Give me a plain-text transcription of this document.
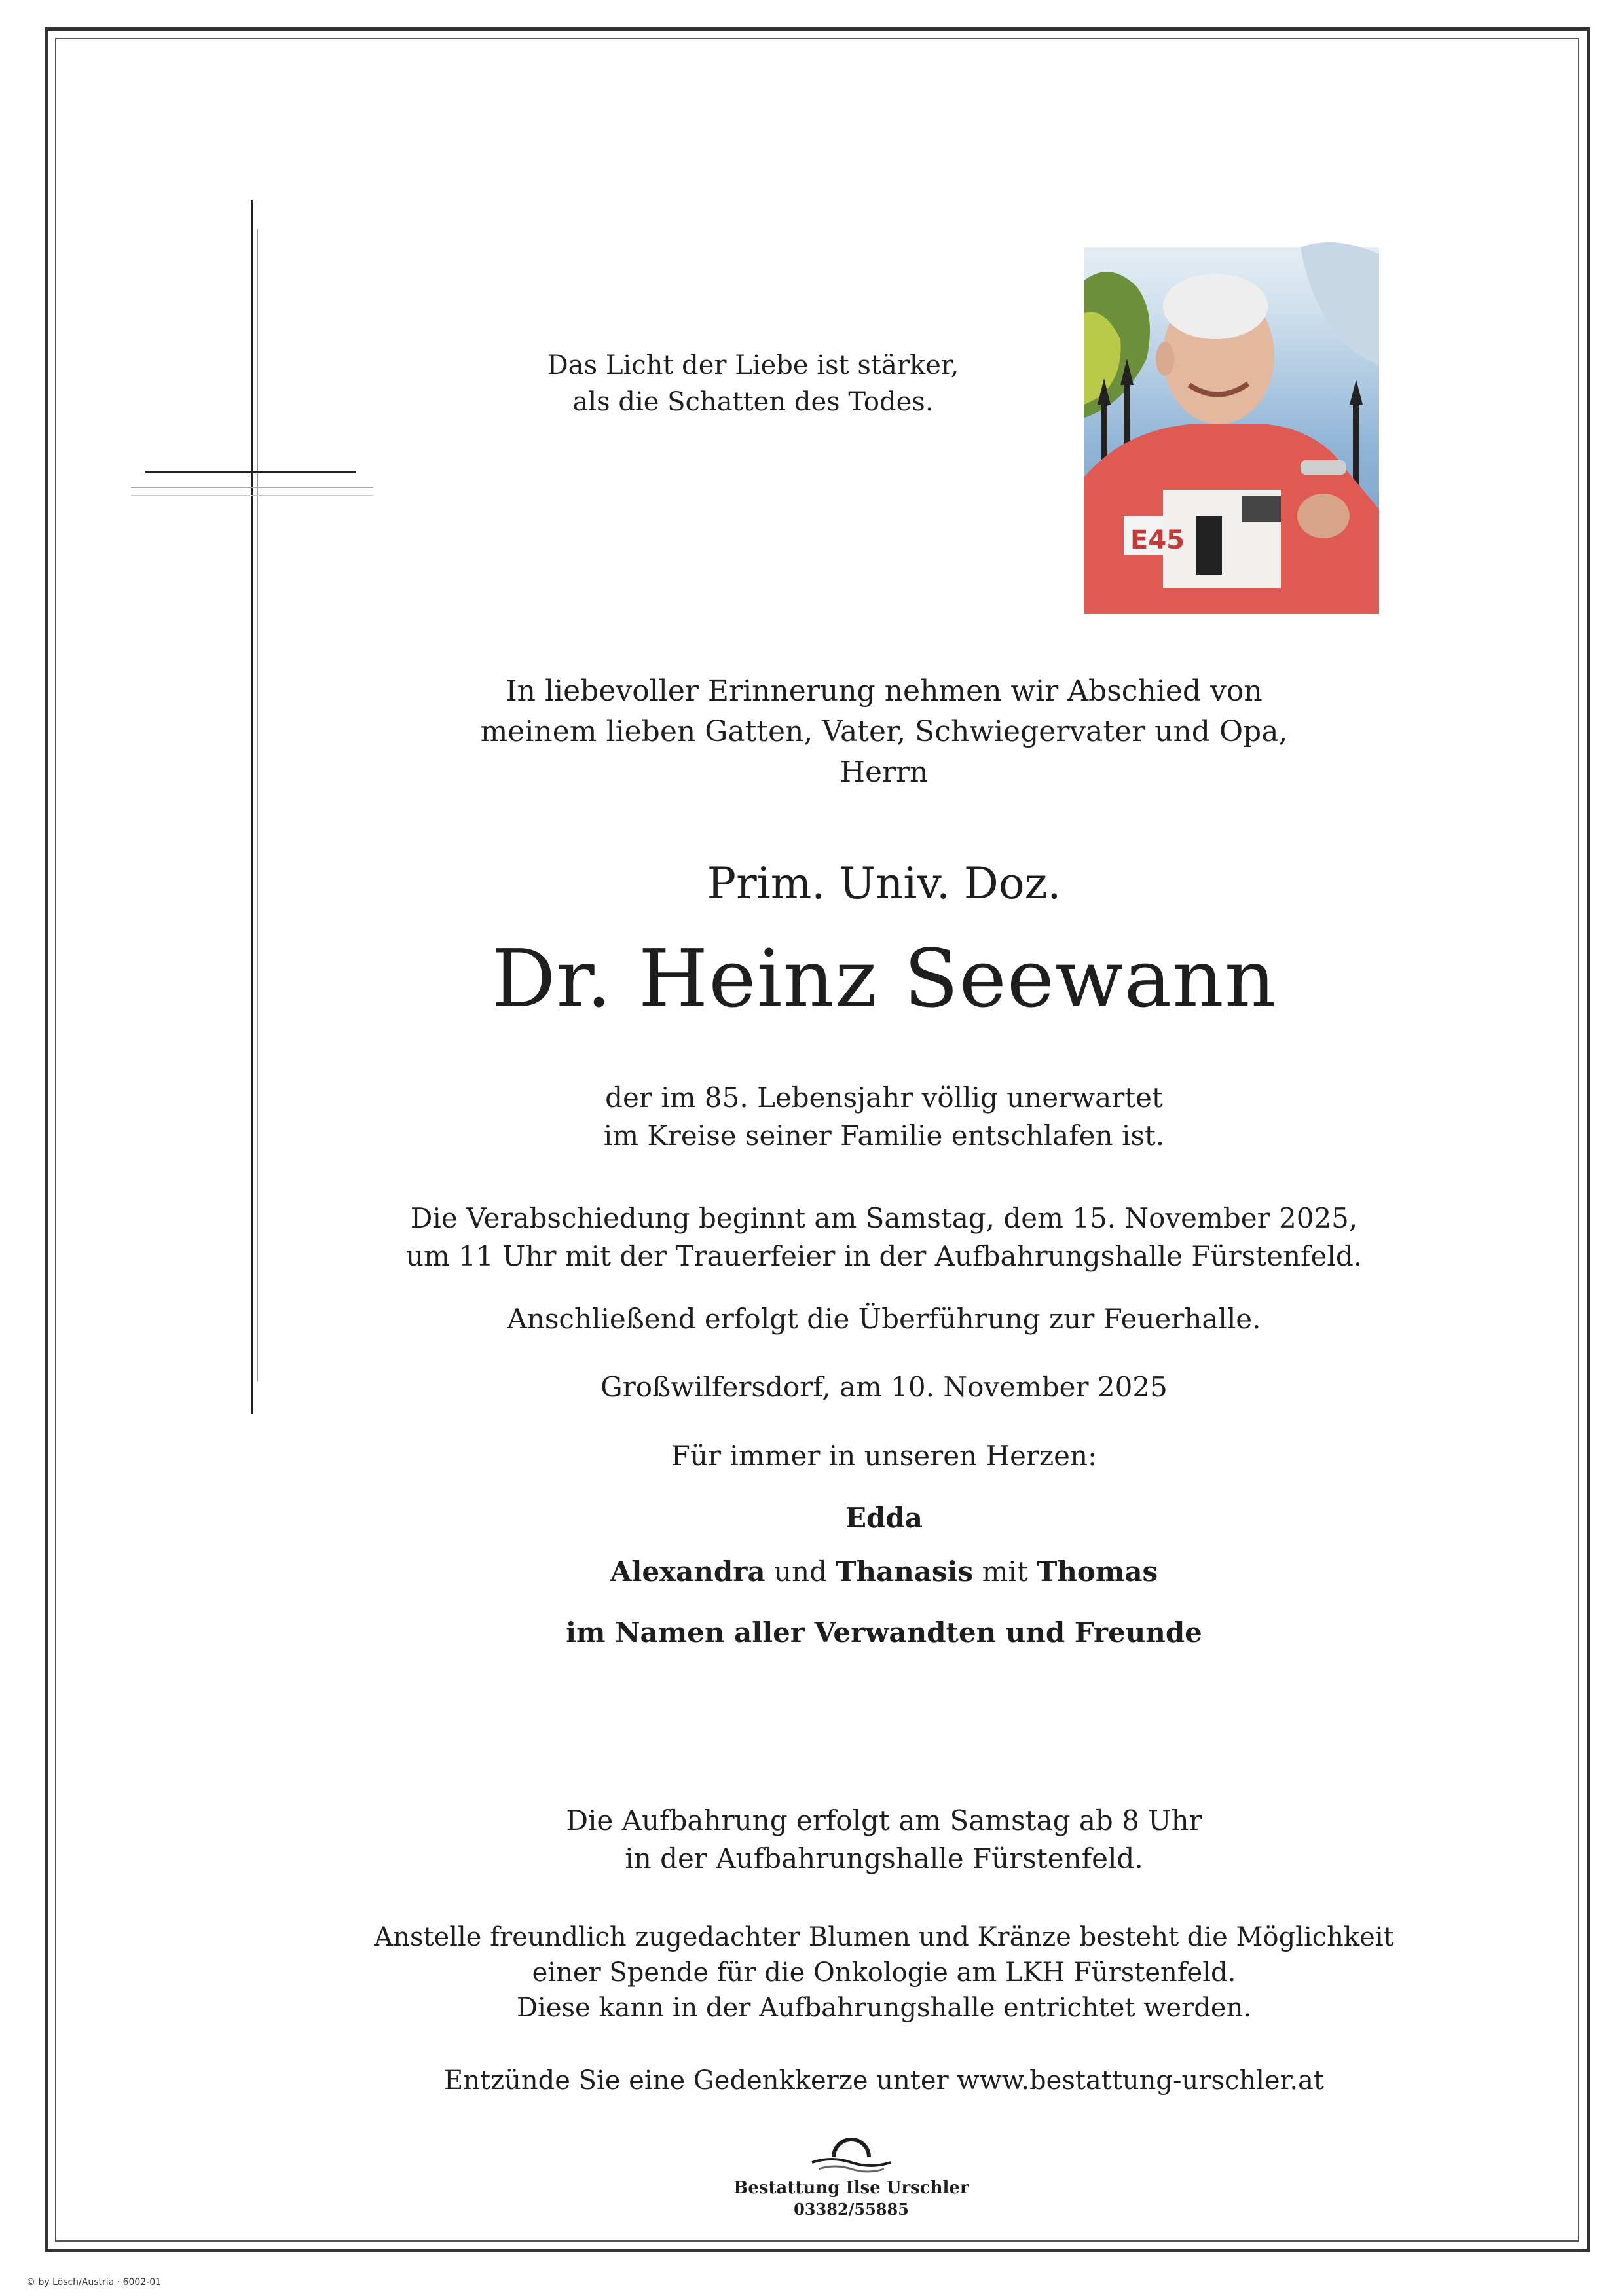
E45
Das Licht der Liebe ist stärker,
als die Schatten des Todes.
In liebevoller Erinnerung nehmen wir Abschied von
meinem lieben Gatten, Vater, Schwiegervater und Opa,
Herrn
Prim. Univ. Doz.
Dr. Heinz Seewann
der im 85. Lebensjahr völlig unerwartet
im Kreise seiner Familie entschlafen ist.
Die Verabschiedung beginnt am Samstag, dem 15. November 2025,
um 11 Uhr mit der Trauerfeier in der Aufbahrungshalle Fürstenfeld.
Anschließend erfolgt die Überführung zur Feuerhalle.
Großwilfersdorf, am 10. November 2025
Für immer in unseren Herzen:
Edda
Alexandra und Thanasis mit Thomas
im Namen aller Verwandten und Freunde
Die Aufbahrung erfolgt am Samstag ab 8 Uhr
in der Aufbahrungshalle Fürstenfeld.
Anstelle freundlich zugedachter Blumen und Kränze besteht die Möglichkeit
einer Spende für die Onkologie am LKH Fürstenfeld.
Diese kann in der Aufbahrungshalle entrichtet werden.
Entzünde Sie eine Gedenkkerze unter www.bestattung-urschler.at
Bestattung Ilse Urschler
03382/55885
© by Lösch/Austria · 6002-01
